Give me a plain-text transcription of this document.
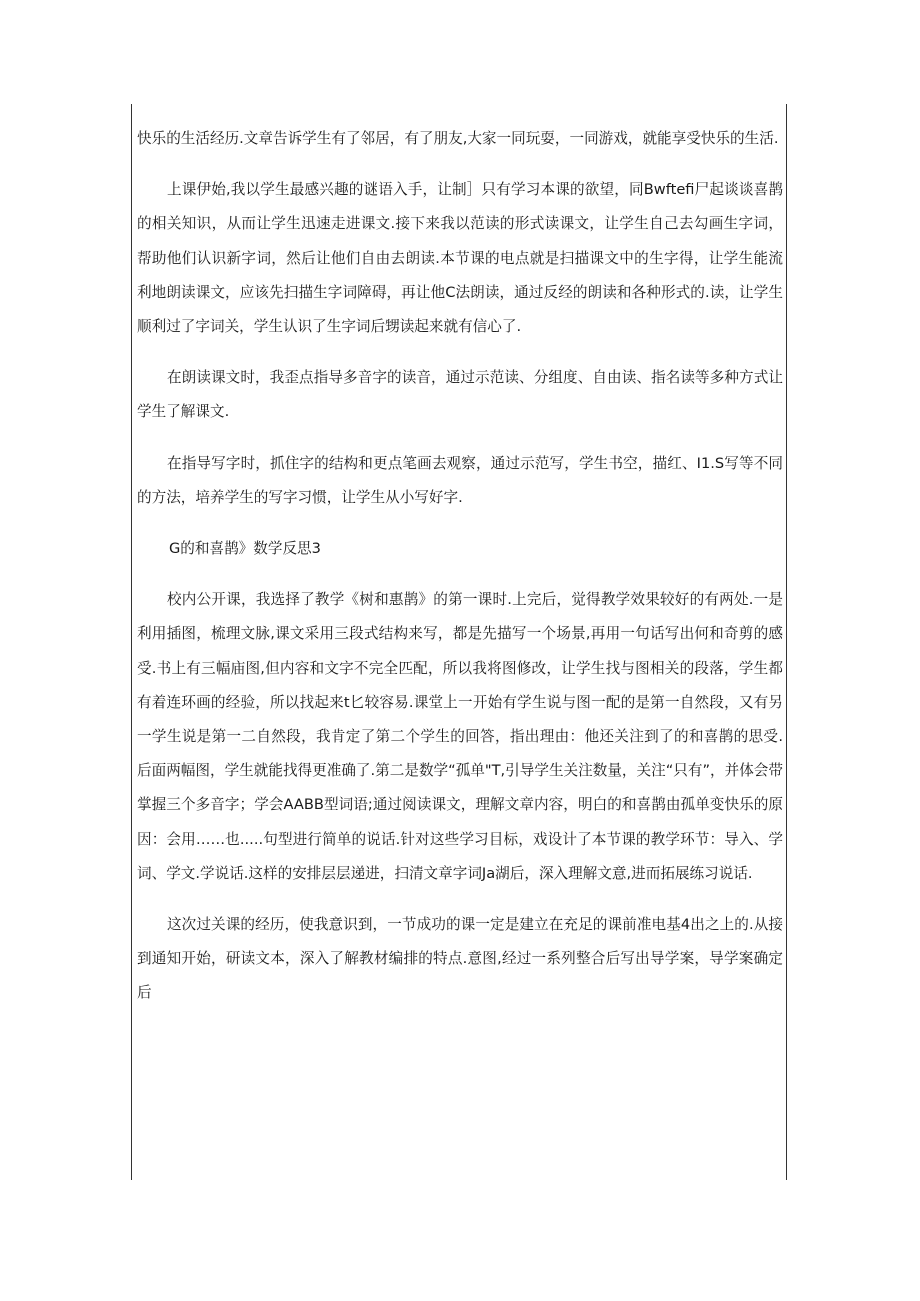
快乐的生活经历.文章告诉学生有了邻居，有了朋友,大家一同玩耍，一同游戏，就能享受快乐的生活.

上课伊始,我以学生最感兴趣的谜语入手，让制］只有学习本课的欲望，同Bwftefi尸起谈谈喜鹊的相关知识，从而让学生迅速走进课文.接下来我以范读的形式读课文，让学生自己去勾画生字词，帮助他们认识新字词，然后让他们自由去朗读.本节课的电点就是扫描课文中的生字得，让学生能流利地朗读课文，应该先扫描生字词障碍，再让他C法朗读，通过反经的朗读和各种形式的.读，让学生顺利过了字词关，学生认识了生字词后甥读起来就有信心了.

在朗读课文时，我歪点指导多音字的读音，通过示范读、分组度、自由读、指名读等多种方式让学生了解课文.

在指导写字时，抓住字的结构和更点笔画去观察，通过示范写，学生书空，描红、I1.S写等不同的方法，培养学生的写字习惯，让学生从小写好字.

G的和喜鹊》数学反思3

校内公开课，我选择了教学《树和惠鹊》的第一课时.上完后，觉得教学效果较好的有两处.一是利用插图，梳理文脉,课文采用三段式结构来写，都是先描写一个场景,再用一句话写出何和奇剪的感受.书上有三幅庙图,但内容和文字不完全匹配，所以我将图修改，让学生找与图相关的段落，学生都有着连环画的经验，所以找起来t匕较容易.课堂上一开始有学生说与图一配的是第一自然段，又有另一学生说是第一二自然段，我肯定了第二个学生的回答，指出理由：他还关注到了的和喜鹊的思受.后面两幅图，学生就能找得更准确了.第二是数学“孤单"T,引导学生关注数量，关注“只有”，并体会带掌握三个多音字；学会AABB型词语;通过阅读课文，理解文章内容，明白的和喜鹊由孤单变快乐的原因：会用……也.....句型进行简单的说话.针对这些学习目标，戏设计了本节课的教学环节：导入、学词、学文.学说话.这样的安排层层递进，扫清文章字词Ja湖后，深入理解文意,进而拓展练习说话.

这次过关课的经历，使我意识到，一节成功的课一定是建立在充足的课前准电基4出之上的.从接到通知开始，研读文本，深入了解教材编排的特点.意图,经过一系列整合后写出导学案，导学案确定后
